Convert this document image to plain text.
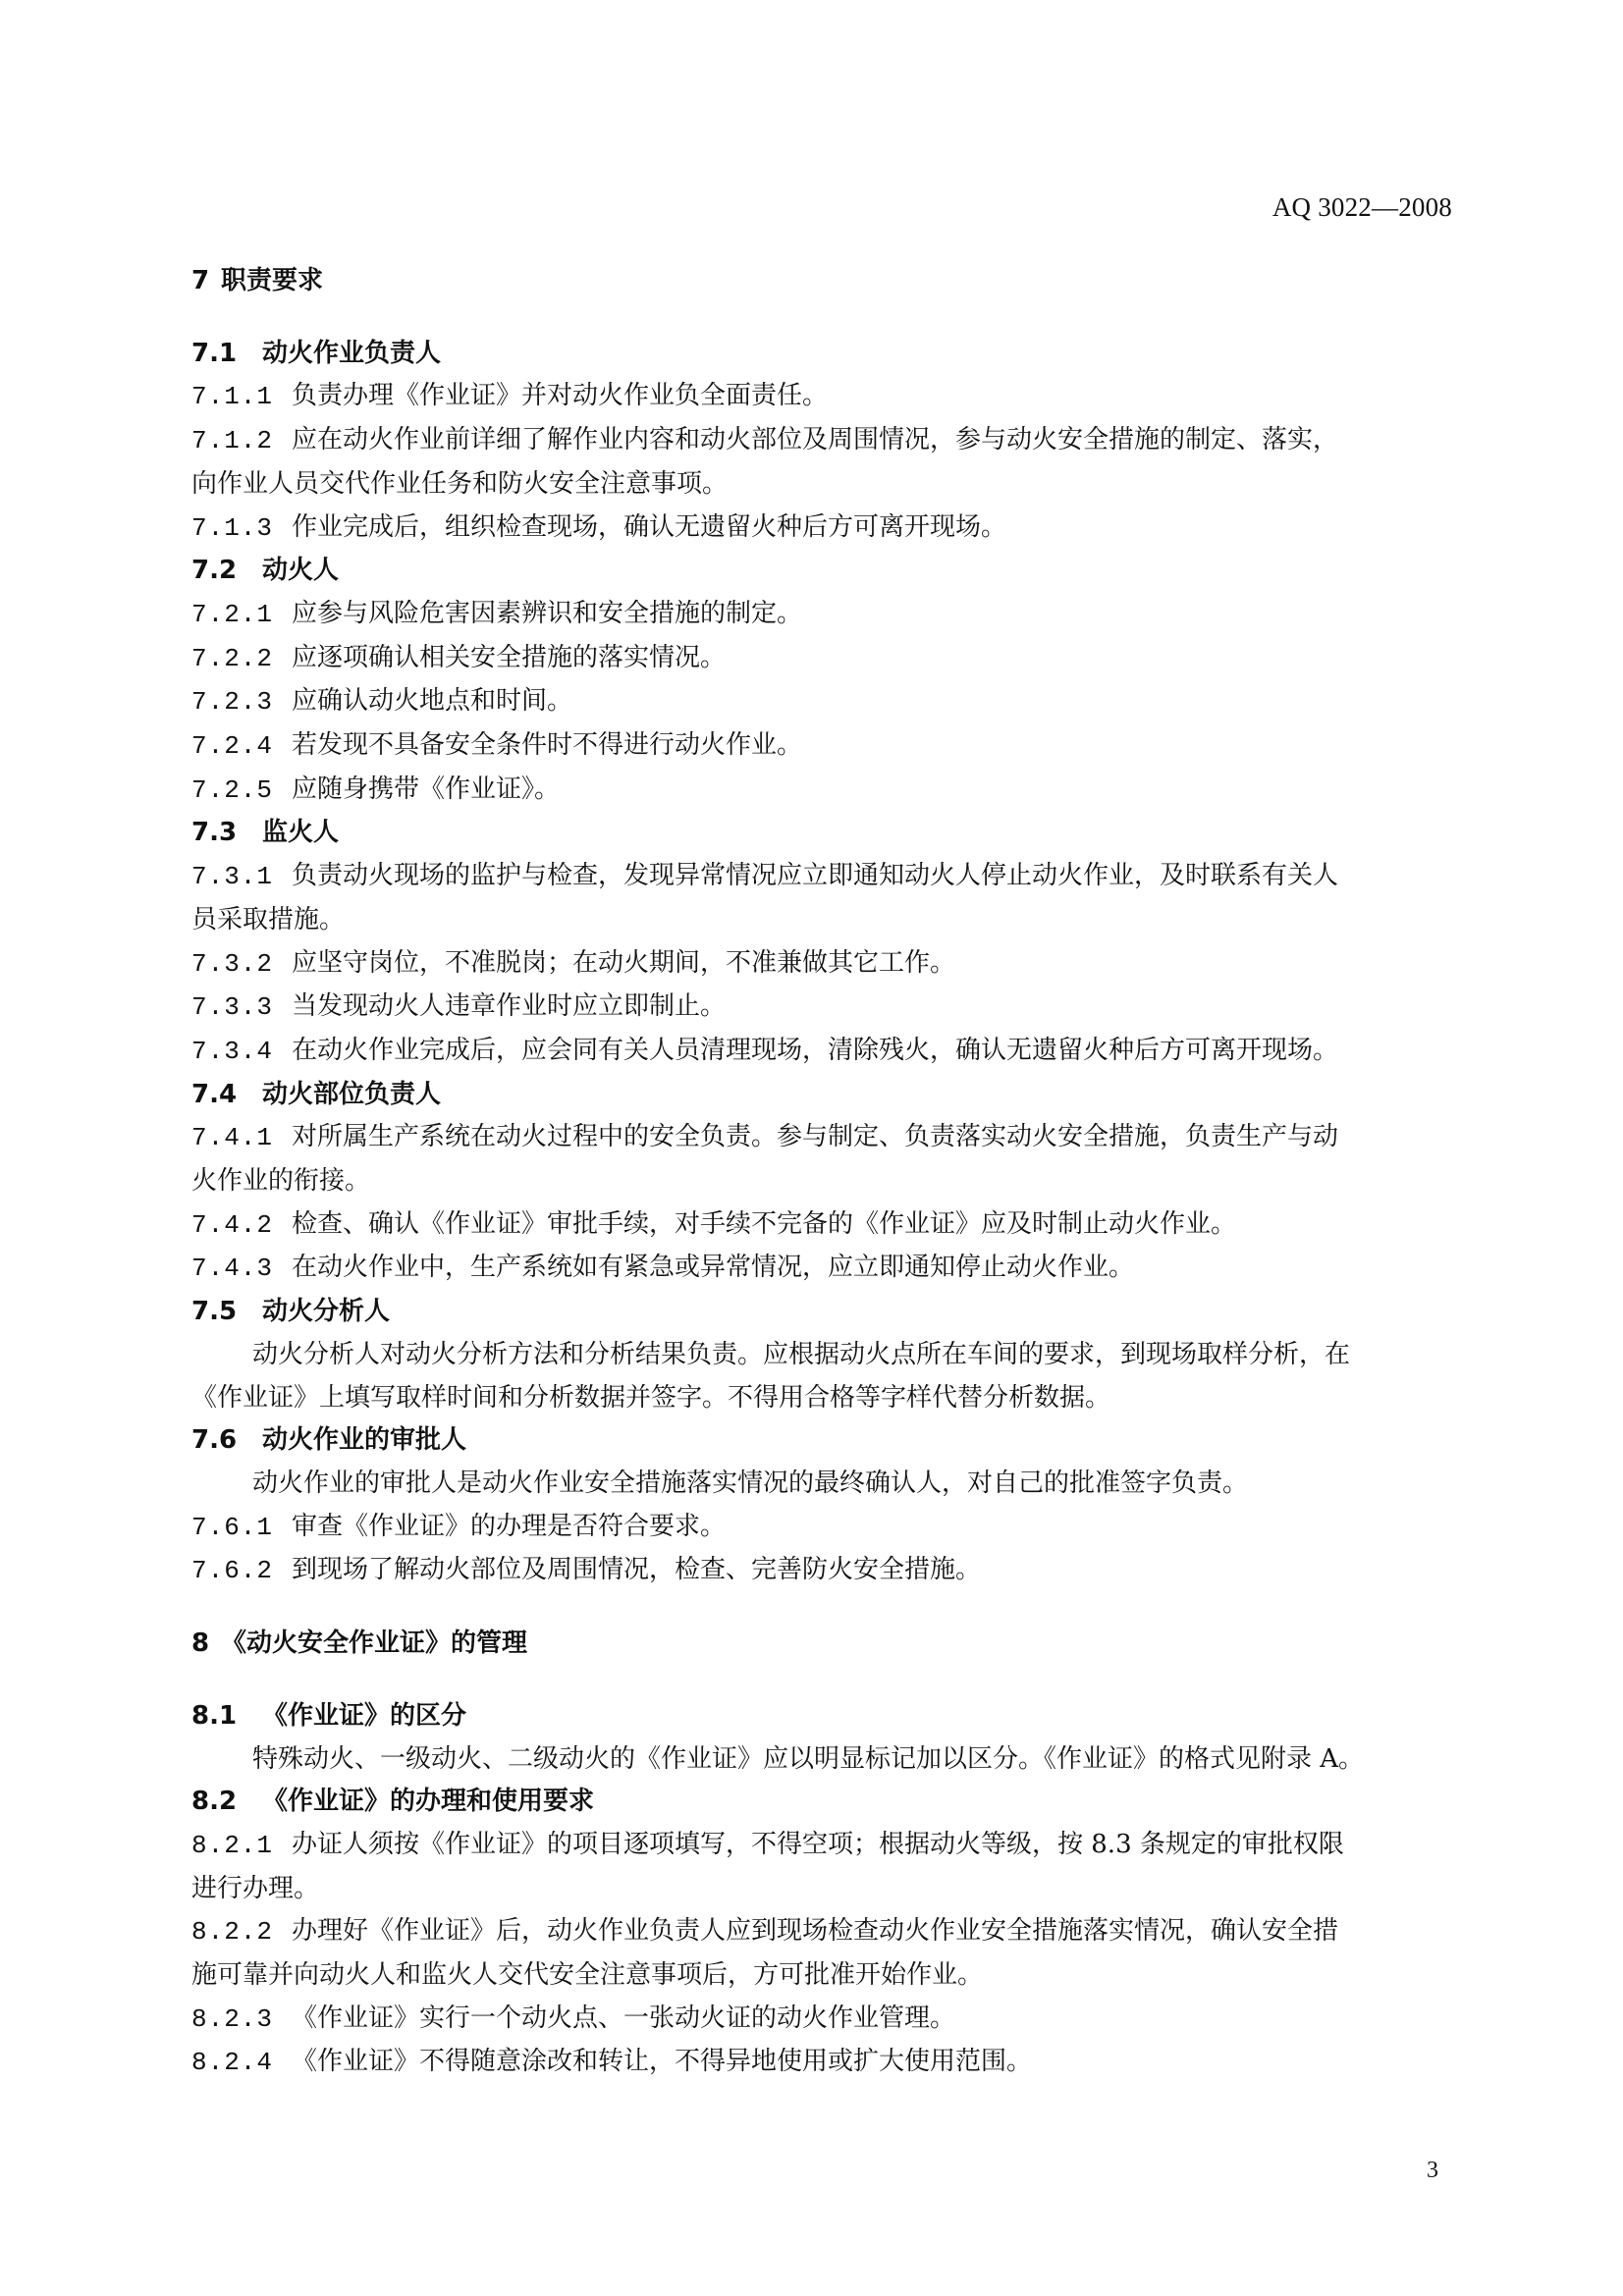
AQ 3022—2008
7 职责要求
7.1 动火作业负责人
7.1.1 负责办理《作业证》并对动火作业负全面责任。
7.1.2 应在动火作业前详细了解作业内容和动火部位及周围情况，参与动火安全措施的制定、落实，
向作业人员交代作业任务和防火安全注意事项。
7.1.3 作业完成后，组织检查现场，确认无遗留火种后方可离开现场。
7.2 动火人
7.2.1 应参与风险危害因素辨识和安全措施的制定。
7.2.2 应逐项确认相关安全措施的落实情况。
7.2.3 应确认动火地点和时间。
7.2.4 若发现不具备安全条件时不得进行动火作业。
7.2.5 应随身携带《作业证》。
7.3 监火人
7.3.1 负责动火现场的监护与检查，发现异常情况应立即通知动火人停止动火作业，及时联系有关人
员采取措施。
7.3.2 应坚守岗位，不准脱岗；在动火期间，不准兼做其它工作。
7.3.3 当发现动火人违章作业时应立即制止。
7.3.4 在动火作业完成后，应会同有关人员清理现场，清除残火，确认无遗留火种后方可离开现场。
7.4 动火部位负责人
7.4.1 对所属生产系统在动火过程中的安全负责。参与制定、负责落实动火安全措施，负责生产与动
火作业的衔接。
7.4.2 检查、确认《作业证》审批手续，对手续不完备的《作业证》应及时制止动火作业。
7.4.3 在动火作业中，生产系统如有紧急或异常情况，应立即通知停止动火作业。
7.5 动火分析人
动火分析人对动火分析方法和分析结果负责。应根据动火点所在车间的要求，到现场取样分析，在
《作业证》上填写取样时间和分析数据并签字。不得用合格等字样代替分析数据。
7.6 动火作业的审批人
动火作业的审批人是动火作业安全措施落实情况的最终确认人，对自己的批准签字负责。
7.6.1 审查《作业证》的办理是否符合要求。
7.6.2 到现场了解动火部位及周围情况，检查、完善防火安全措施。
8 《动火安全作业证》的管理
8.1 《作业证》的区分
特殊动火、一级动火、二级动火的《作业证》应以明显标记加以区分。《作业证》的格式见附录 A。
8.2 《作业证》的办理和使用要求
8.2.1 办证人须按《作业证》的项目逐项填写，不得空项；根据动火等级，按 8.3 条规定的审批权限
进行办理。
8.2.2 办理好《作业证》后，动火作业负责人应到现场检查动火作业安全措施落实情况，确认安全措
施可靠并向动火人和监火人交代安全注意事项后，方可批准开始作业。
8.2.3 《作业证》实行一个动火点、一张动火证的动火作业管理。
8.2.4 《作业证》不得随意涂改和转让，不得异地使用或扩大使用范围。
3
